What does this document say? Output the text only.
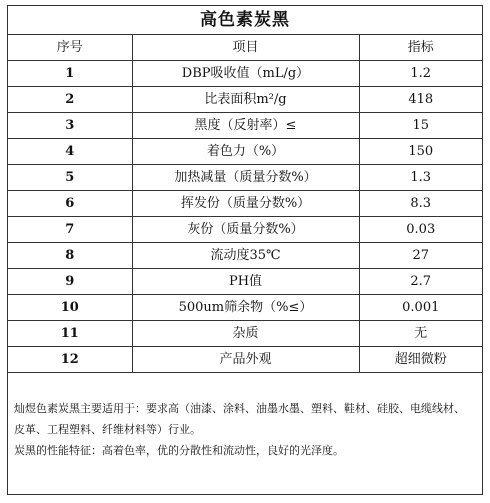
高色素炭黑		
序号	项目	指标
1	DBP吸收值（mL/g）	1.2
2	比表面积m²/g	418
3	黑度（反射率）≤	15
4	着色力（%）	150
5	加热减量（质量分数%）	1.3
6	挥发份（质量分数%）	8.3
7	灰份（质量分数%）	0.03
8	流动度35℃	27
9	PH值	2.7
10	500um筛余物（%≤）	0.001
11	杂质	无
12	产品外观	超细微粉

灿煜色素炭黑主要适用于：要求高（油漆、涂料、油墨水墨、塑料、鞋材、硅胶、电缆线材、皮革、工程塑料、纤维材料等）行业。

炭黑的性能特征：高着色率，优的分散性和流动性，良好的光泽度。
